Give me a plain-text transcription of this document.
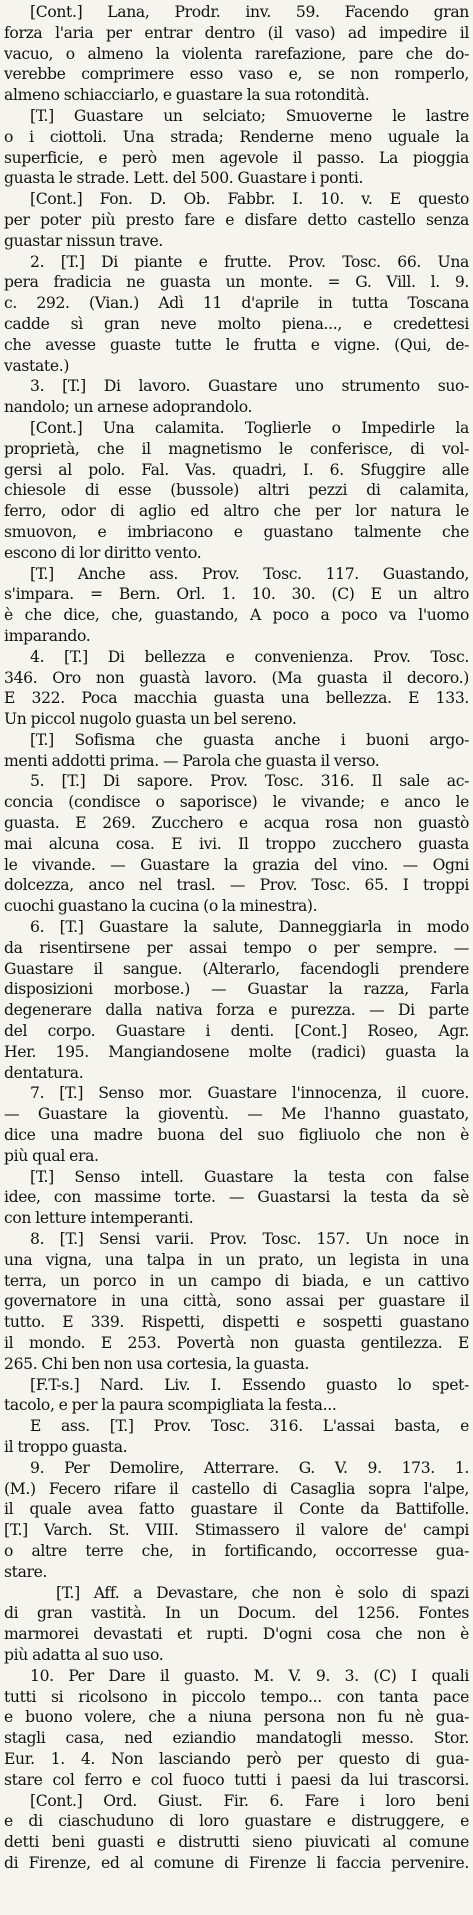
[Cont.] Lana, Prodr. inv. 59. Facendo gran
forza l'aria per entrar dentro (il vaso) ad impedire il
vacuo, o almeno la violenta rarefazione, pare che do-
verebbe comprimere esso vaso e, se non romperlo,
almeno schiacciarlo, e guastare la sua rotondità.
[T.] Guastare un selciato; Smuoverne le lastre
o i ciottoli. Una strada; Renderne meno uguale la
superficie, e però men agevole il passo. La pioggia
guasta le strade. Lett. del 500. Guastare i ponti.
[Cont.] Fon. D. Ob. Fabbr. I. 10. v. E questo
per poter più presto fare e disfare detto castello senza
guastar nissun trave.
2. [T.] Di piante e frutte. Prov. Tosc. 66. Una
pera fradicia ne guasta un monte. = G. Vill. l. 9.
c. 292. (Vian.) Adì 11 d'aprile in tutta Toscana
cadde sì gran neve molto piena..., e credettesi
che avesse guaste tutte le frutta e vigne. (Qui, de-
vastate.)
3. [T.] Di lavoro. Guastare uno strumento suo-
nandolo; un arnese adoprandolo.
[Cont.] Una calamita. Toglierle o Impedirle la
proprietà, che il magnetismo le conferisce, di vol-
gersi al polo. Fal. Vas. quadri, I. 6. Sfuggire alle
chiesole di esse (bussole) altri pezzi di calamita,
ferro, odor di aglio ed altro che per lor natura le
smuovon, e imbriacono e guastano talmente che
escono di lor diritto vento.
[T.] Anche ass. Prov. Tosc. 117. Guastando,
s'impara. = Bern. Orl. 1. 10. 30. (C) E un altro
è che dice, che, guastando, A poco a poco va l'uomo
imparando.
4. [T.] Di bellezza e convenienza. Prov. Tosc.
346. Oro non guastà lavoro. (Ma guasta il decoro.)
E 322. Poca macchia guasta una bellezza. E 133.
Un piccol nugolo guasta un bel sereno.
[T.] Sofisma che guasta anche i buoni argo-
menti addotti prima. — Parola che guasta il verso.
5. [T.] Di sapore. Prov. Tosc. 316. Il sale ac-
concia (condisce o saporisce) le vivande; e anco le
guasta. E 269. Zucchero e acqua rosa non guastò
mai alcuna cosa. E ivi. Il troppo zucchero guasta
le vivande. — Guastare la grazia del vino. — Ogni
dolcezza, anco nel trasl. — Prov. Tosc. 65. I troppi
cuochi guastano la cucina (o la minestra).
6. [T.] Guastare la salute, Danneggiarla in modo
da risentirsene per assai tempo o per sempre. —
Guastare il sangue. (Alterarlo, facendogli prendere
disposizioni morbose.) — Guastar la razza, Farla
degenerare dalla nativa forza e purezza. — Di parte
del corpo. Guastare i denti. [Cont.] Roseo, Agr.
Her. 195. Mangiandosene molte (radici) guasta la
dentatura.
7. [T.] Senso mor. Guastare l'innocenza, il cuore.
— Guastare la gioventù. — Me l'hanno guastato,
dice una madre buona del suo figliuolo che non è
più qual era.
[T.] Senso intell. Guastare la testa con false
idee, con massime torte. — Guastarsi la testa da sè
con letture intemperanti.
8. [T.] Sensi varii. Prov. Tosc. 157. Un noce in
una vigna, una talpa in un prato, un legista in una
terra, un porco in un campo di biada, e un cattivo
governatore in una città, sono assai per guastare il
tutto. E 339. Rispetti, dispetti e sospetti guastano
il mondo. E 253. Povertà non guasta gentilezza. E
265. Chi ben non usa cortesia, la guasta.
[F.T-s.] Nard. Liv. I. Essendo guasto lo spet-
tacolo, e per la paura scompigliata la festa...
E ass. [T.] Prov. Tosc. 316. L'assai basta, e
il troppo guasta.
9. Per Demolire, Atterrare. G. V. 9. 173. 1.
(M.) Fecero rifare il castello di Casaglia sopra l'alpe,
il quale avea fatto guastare il Conte da Battifolle.
[T.] Varch. St. VIII. Stimassero il valore de' campi
o altre terre che, in fortificando, occorresse gua-
stare.
[T.] Aff. a Devastare, che non è solo di spazi
di gran vastità. In un Docum. del 1256. Fontes
marmorei devastati et rupti. D'ogni cosa che non è
più adatta al suo uso.
10. Per Dare il guasto. M. V. 9. 3. (C) I quali
tutti si ricolsono in piccolo tempo... con tanta pace
e buono volere, che a niuna persona non fu nè gua-
stagli casa, ned eziandio mandatogli messo. Stor.
Eur. 1. 4. Non lasciando però per questo di gua-
stare col ferro e col fuoco tutti i paesi da lui trascorsi.
[Cont.] Ord. Giust. Fir. 6. Fare i loro beni
e di ciaschuduno di loro guastare e distruggere, e
detti beni guasti e distrutti sieno piuvicati al comune
di Firenze, ed al comune di Firenze li faccia pervenire.
